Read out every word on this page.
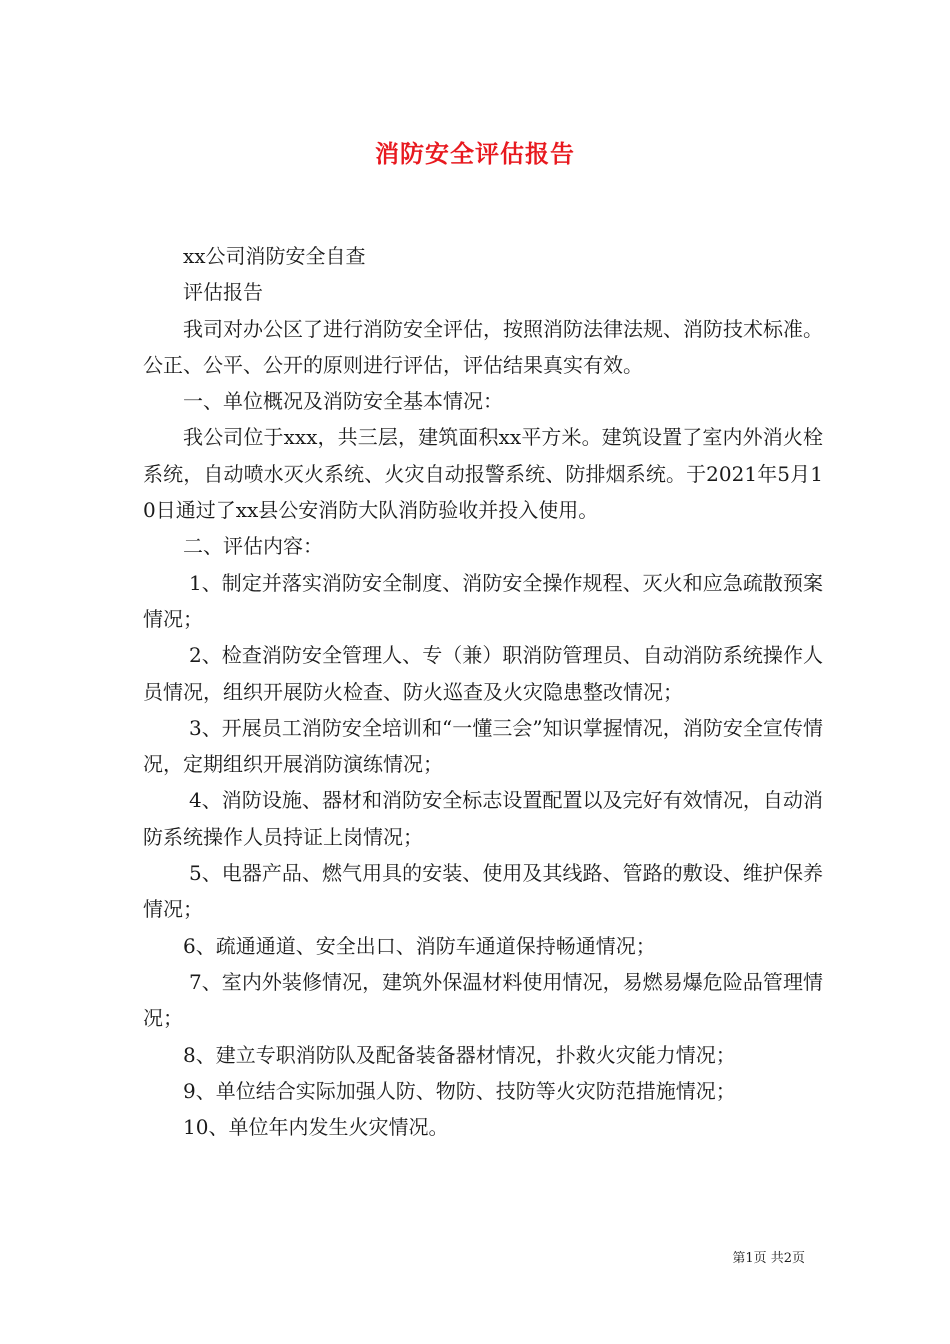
消防安全评估报告

xx公司消防安全自查

评估报告

我司对办公区了进行消防安全评估，按照消防法律法规、消防技术标准。公正、公平、公开的原则进行评估，评估结果真实有效。

一、单位概况及消防安全基本情况：

我公司位于xxx，共三层，建筑面积xx平方米。建筑设置了室内外消火栓系统，自动喷水灭火系统、火灾自动报警系统、防排烟系统。于2021年5月10日通过了xx县公安消防大队消防验收并投入使用。

二、评估内容：

1、制定并落实消防安全制度、消防安全操作规程、灭火和应急疏散预案情况；

2、检查消防安全管理人、专（兼）职消防管理员、自动消防系统操作人员情况，组织开展防火检查、防火巡查及火灾隐患整改情况；

3、开展员工消防安全培训和“一懂三会”知识掌握情况，消防安全宣传情况，定期组织开展消防演练情况；

4、消防设施、器材和消防安全标志设置配置以及完好有效情况，自动消防系统操作人员持证上岗情况；

5、电器产品、燃气用具的安装、使用及其线路、管路的敷设、维护保养情况；

6、疏通通道、安全出口、消防车通道保持畅通情况；

7、室内外装修情况，建筑外保温材料使用情况，易燃易爆危险品管理情况；

8、建立专职消防队及配备装备器材情况，扑救火灾能力情况；

9、单位结合实际加强人防、物防、技防等火灾防范措施情况；

10、单位年内发生火灾情况。

第1页 共2页
